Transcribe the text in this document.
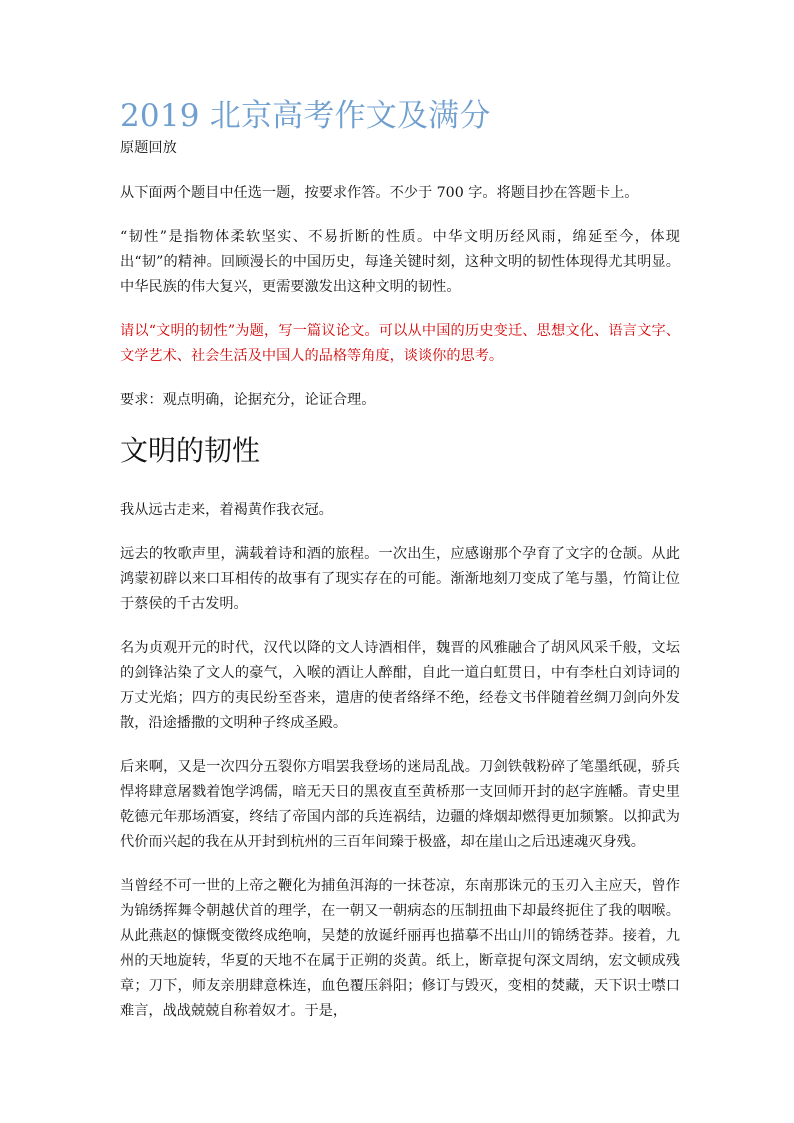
2019 北京高考作文及满分
原题回放

从下面两个题目中任选一题，按要求作答。不少于 700 字。将题目抄在答题卡上。

“韧性”是指物体柔软坚实、不易折断的性质。中华文明历经风雨，绵延至今，体现出“韧”的精神。回顾漫长的中国历史，每逢关键时刻，这种文明的韧性体现得尤其明显。中华民族的伟大复兴，更需要激发出这种文明的韧性。

请以“文明的韧性”为题，写一篇议论文。可以从中国的历史变迁、思想文化、语言文字、文学艺术、社会生活及中国人的品格等角度，谈谈你的思考。

要求：观点明确，论据充分，论证合理。

文明的韧性

我从远古走来，着褐黄作我衣冠。

远去的牧歌声里，满载着诗和酒的旅程。一次出生，应感谢那个孕育了文字的仓颉。从此鸿蒙初辟以来口耳相传的故事有了现实存在的可能。渐渐地刻刀变成了笔与墨，竹简让位于蔡侯的千古发明。

名为贞观开元的时代，汉代以降的文人诗酒相伴，魏晋的风雅融合了胡风风采千般，文坛的剑锋沾染了文人的豪气，入喉的酒让人醉酣，自此一道白虹贯日，中有李杜白刘诗词的万丈光焰；四方的夷民纷至沓来，遣唐的使者络绎不绝，经卷文书伴随着丝绸刀剑向外发散，沿途播撒的文明种子终成圣殿。

后来啊，又是一次四分五裂你方唱罢我登场的迷局乱战。刀剑铁戟粉碎了笔墨纸砚，骄兵悍将肆意屠戮着饱学鸿儒，暗无天日的黑夜直至黄桥那一支回师开封的赵字旌幡。青史里乾德元年那场酒宴，终结了帝国内部的兵连祸结，边疆的烽烟却燃得更加频繁。以抑武为代价而兴起的我在从开封到杭州的三百年间臻于极盛，却在崖山之后迅速魂灭身残。

当曾经不可一世的上帝之鞭化为捕鱼洱海的一抹苍凉，东南那诛元的玉刃入主应天，曾作为锦绣挥舞令朝越伏首的理学，在一朝又一朝病态的压制扭曲下却最终扼住了我的咽喉。从此燕赵的慷慨变徵终成绝响，吴楚的放诞纤丽再也描摹不出山川的锦绣苍莽。接着，九州的天地旋转，华夏的天地不在属于正朔的炎黄。纸上，断章捉句深文周纳，宏文顿成残章；刀下，师友亲朋肆意株连，血色覆压斜阳；修订与毁灭，变相的焚藏，天下识士噤口难言，战战兢兢自称着奴才。于是，
